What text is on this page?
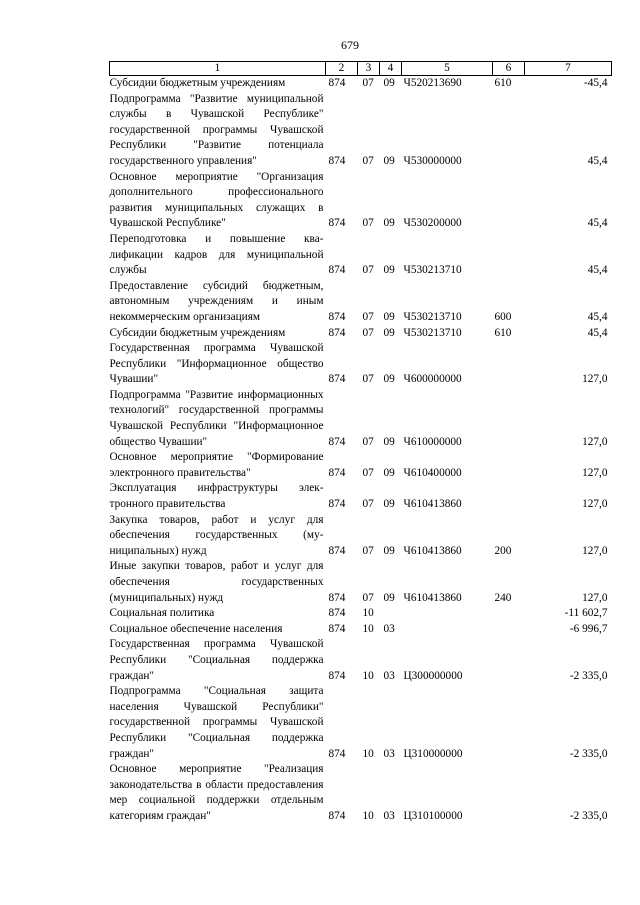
679
1	2	3	4	5	6	7
Субсидии бюджетным учреждениям	874	07	09	Ч520213690	610	-45,4
Подпрограмма "Развитие муниципальной службы в Чувашской Республике" государственной программы Чувашской Республики "Развитие потенциала государственного управления"	874	07	09	Ч530000000		45,4
Основное мероприятие "Организация дополнительного профессионального развития муниципальных служащих в Чувашской Республике"	874	07	09	Ч530200000		45,4
Переподготовка и повышение квалификации кадров для муниципальной службы	874	07	09	Ч530213710		45,4
Предоставление субсидий бюджетным, автономным учреждениям и иным некоммерческим организациям	874	07	09	Ч530213710	600	45,4
Субсидии бюджетным учреждениям	874	07	09	Ч530213710	610	45,4
Государственная программа Чувашской Республики "Информационное общество Чувашии"	874	07	09	Ч600000000		127,0
Подпрограмма "Развитие информационных технологий" государственной программы Чувашской Республики "Информационное общество Чувашии"	874	07	09	Ч610000000		127,0
Основное мероприятие "Формирование электронного правительства"	874	07	09	Ч610400000		127,0
Эксплуатация инфраструктуры электронного правительства	874	07	09	Ч610413860		127,0
Закупка товаров, работ и услуг для обеспечения государственных (муниципальных) нужд	874	07	09	Ч610413860	200	127,0
Иные закупки товаров, работ и услуг для обеспечения государственных (муниципальных) нужд	874	07	09	Ч610413860	240	127,0
Социальная политика	874	10				-11 602,7
Социальное обеспечение населения	874	10	03			-6 996,7
Государственная программа Чувашской Республики "Социальная поддержка граждан"	874	10	03	Ц300000000		-2 335,0
Подпрограмма "Социальная защита населения Чувашской Республики" государственной программы Чувашской Республики "Социальная поддержка граждан"	874	10	03	Ц310000000		-2 335,0
Основное мероприятие "Реализация законодательства в области предоставления мер социальной поддержки отдельным категориям граждан"	874	10	03	Ц310100000		-2 335,0
